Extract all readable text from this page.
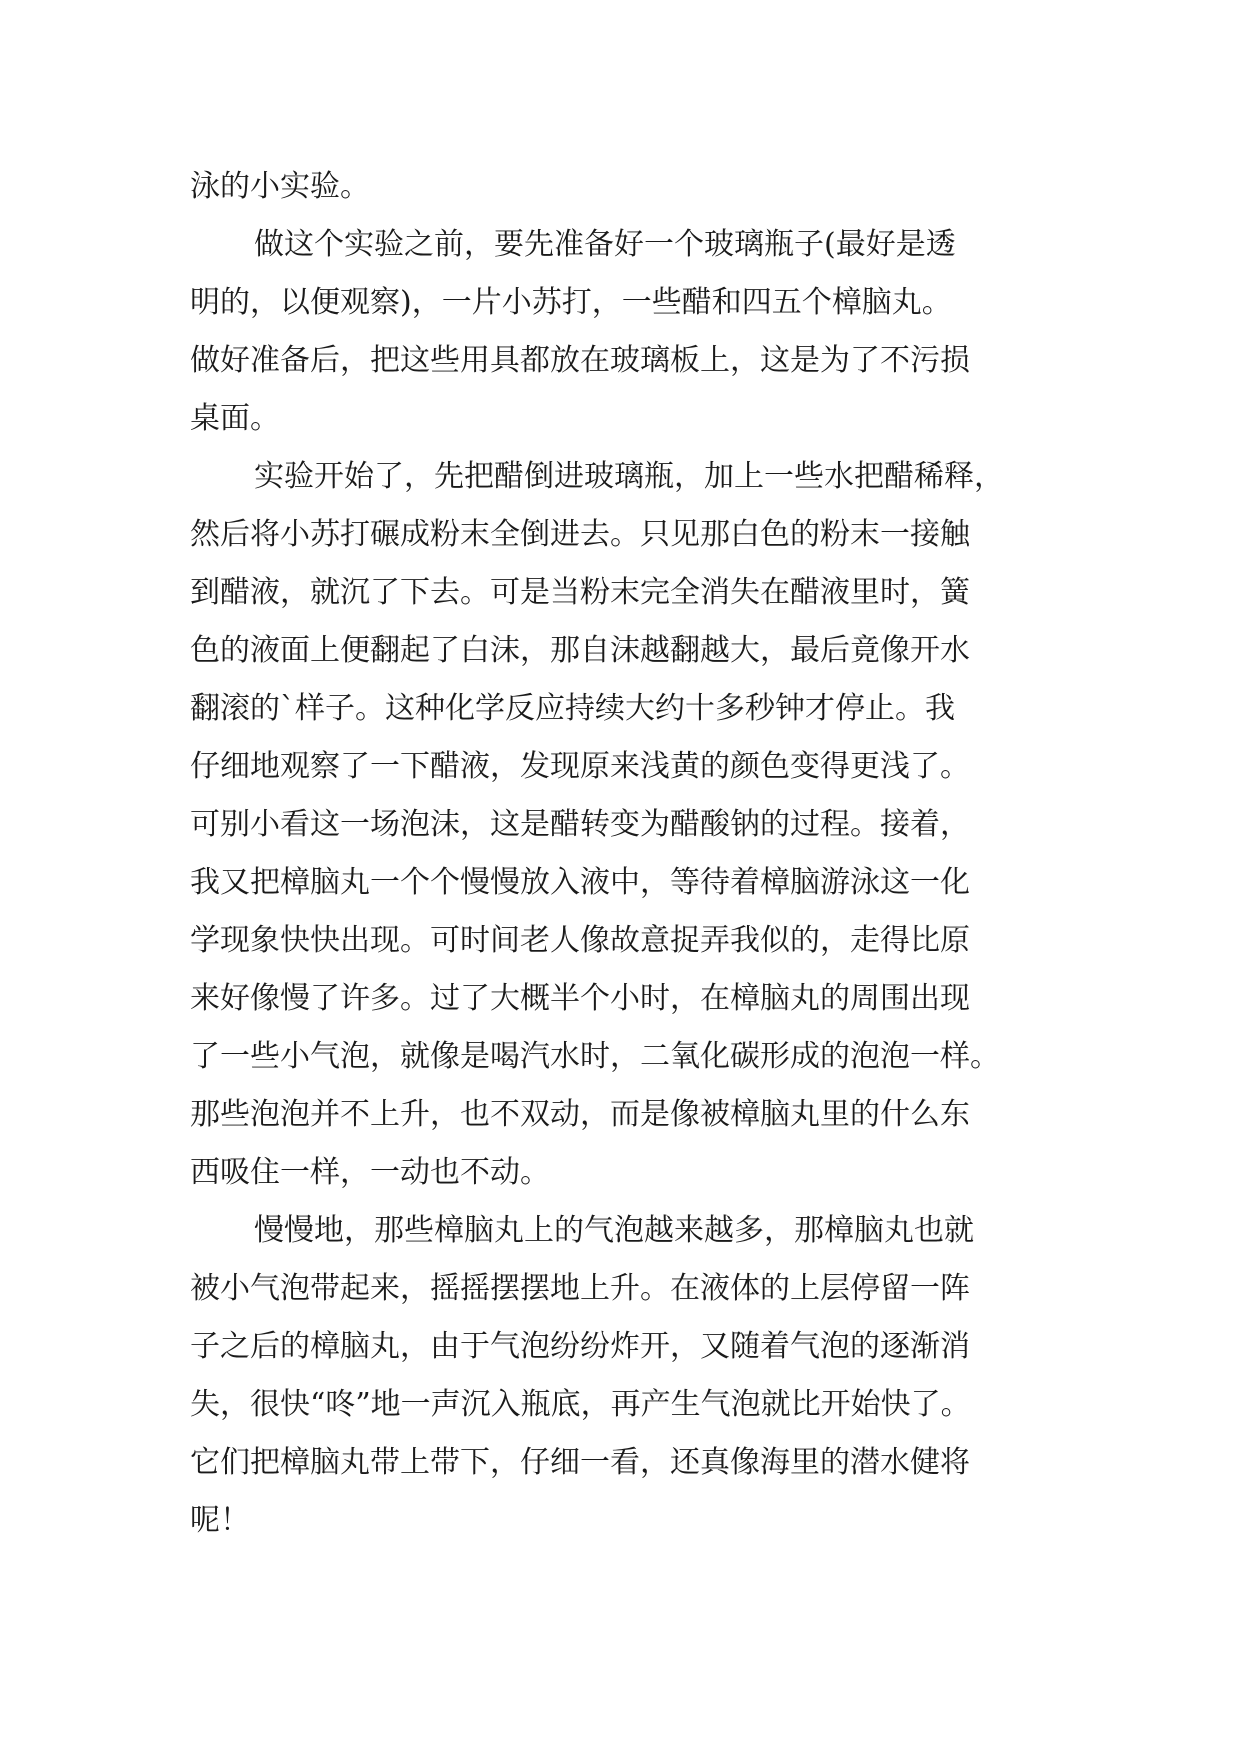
泳的小实验。
做这个实验之前，要先准备好一个玻璃瓶子(最好是透
明的，以便观察)，一片小苏打，一些醋和四五个樟脑丸。
做好准备后，把这些用具都放在玻璃板上，这是为了不污损
桌面。
实验开始了，先把醋倒进玻璃瓶，加上一些水把醋稀释，
然后将小苏打碾成粉末全倒进去。只见那白色的粉末一接触
到醋液，就沉了下去。可是当粉末完全消失在醋液里时，簧
色的液面上便翻起了白沫，那自沫越翻越大，最后竟像开水
翻滚的`样子。这种化学反应持续大约十多秒钟才停止。我
仔细地观察了一下醋液，发现原来浅黄的颜色变得更浅了。
可别小看这一场泡沫，这是醋转变为醋酸钠的过程。接着，
我又把樟脑丸一个个慢慢放入液中，等待着樟脑游泳这一化
学现象快快出现。可时间老人像故意捉弄我似的，走得比原
来好像慢了许多。过了大概半个小时，在樟脑丸的周围出现
了一些小气泡，就像是喝汽水时，二氧化碳形成的泡泡一样。
那些泡泡并不上升，也不双动，而是像被樟脑丸里的什么东
西吸住一样，一动也不动。
慢慢地，那些樟脑丸上的气泡越来越多，那樟脑丸也就
被小气泡带起来，摇摇摆摆地上升。在液体的上层停留一阵
子之后的樟脑丸，由于气泡纷纷炸开，又随着气泡的逐渐消
失，很快“咚”地一声沉入瓶底，再产生气泡就比开始快了。
它们把樟脑丸带上带下，仔细一看，还真像海里的潜水健将
呢！
